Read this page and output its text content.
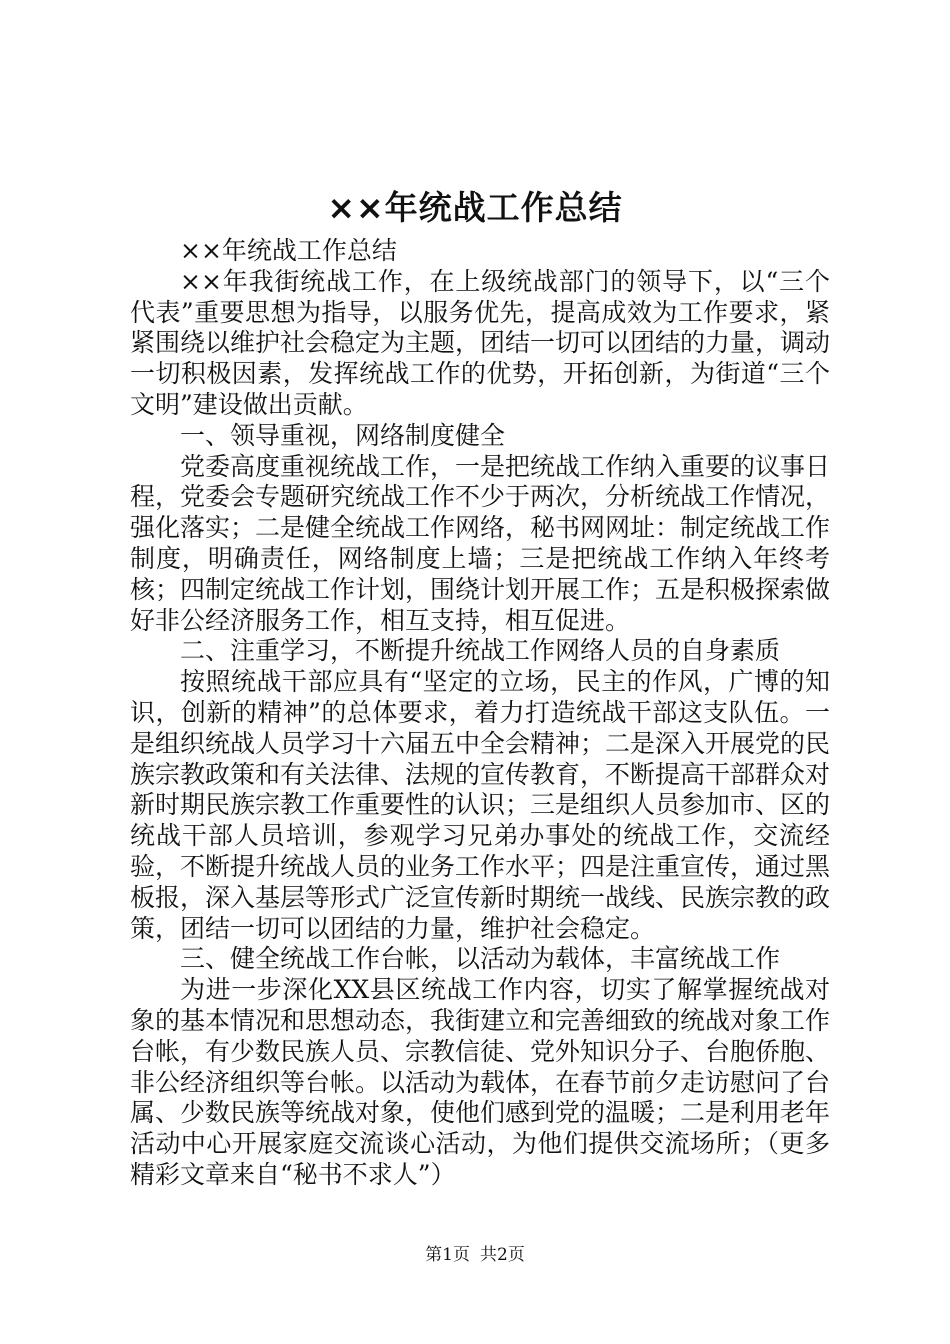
××年统战工作总结

××年统战工作总结

××年我街统战工作，在上级统战部门的领导下，以“三个代表”重要思想为指导，以服务优先，提高成效为工作要求，紧紧围绕以维护社会稳定为主题，团结一切可以团结的力量，调动一切积极因素，发挥统战工作的优势，开拓创新，为街道“三个文明”建设做出贡献。

一、领导重视，网络制度健全

党委高度重视统战工作，一是把统战工作纳入重要的议事日程，党委会专题研究统战工作不少于两次，分析统战工作情况，强化落实；二是健全统战工作网络，秘书网网址：制定统战工作制度，明确责任，网络制度上墙；三是把统战工作纳入年终考核；四制定统战工作计划，围绕计划开展工作；五是积极探索做好非公经济服务工作，相互支持，相互促进。

二、注重学习，不断提升统战工作网络人员的自身素质

按照统战干部应具有“坚定的立场，民主的作风，广博的知识，创新的精神”的总体要求，着力打造统战干部这支队伍。一是组织统战人员学习十六届五中全会精神；二是深入开展党的民族宗教政策和有关法律、法规的宣传教育，不断提高干部群众对新时期民族宗教工作重要性的认识；三是组织人员参加市、区的统战干部人员培训，参观学习兄弟办事处的统战工作，交流经验，不断提升统战人员的业务工作水平；四是注重宣传，通过黑板报，深入基层等形式广泛宣传新时期统一战线、民族宗教的政策，团结一切可以团结的力量，维护社会稳定。

三、健全统战工作台帐，以活动为载体，丰富统战工作

为进一步深化XX县区统战工作内容，切实了解掌握统战对象的基本情况和思想动态，我街建立和完善细致的统战对象工作台帐，有少数民族人员、宗教信徒、党外知识分子、台胞侨胞、非公经济组织等台帐。以活动为载体，在春节前夕走访慰问了台属、少数民族等统战对象，使他们感到党的温暖；二是利用老年活动中心开展家庭交流谈心活动，为他们提供交流场所；（更多精彩文章来自“秘书不求人”）

第1页 共2页
